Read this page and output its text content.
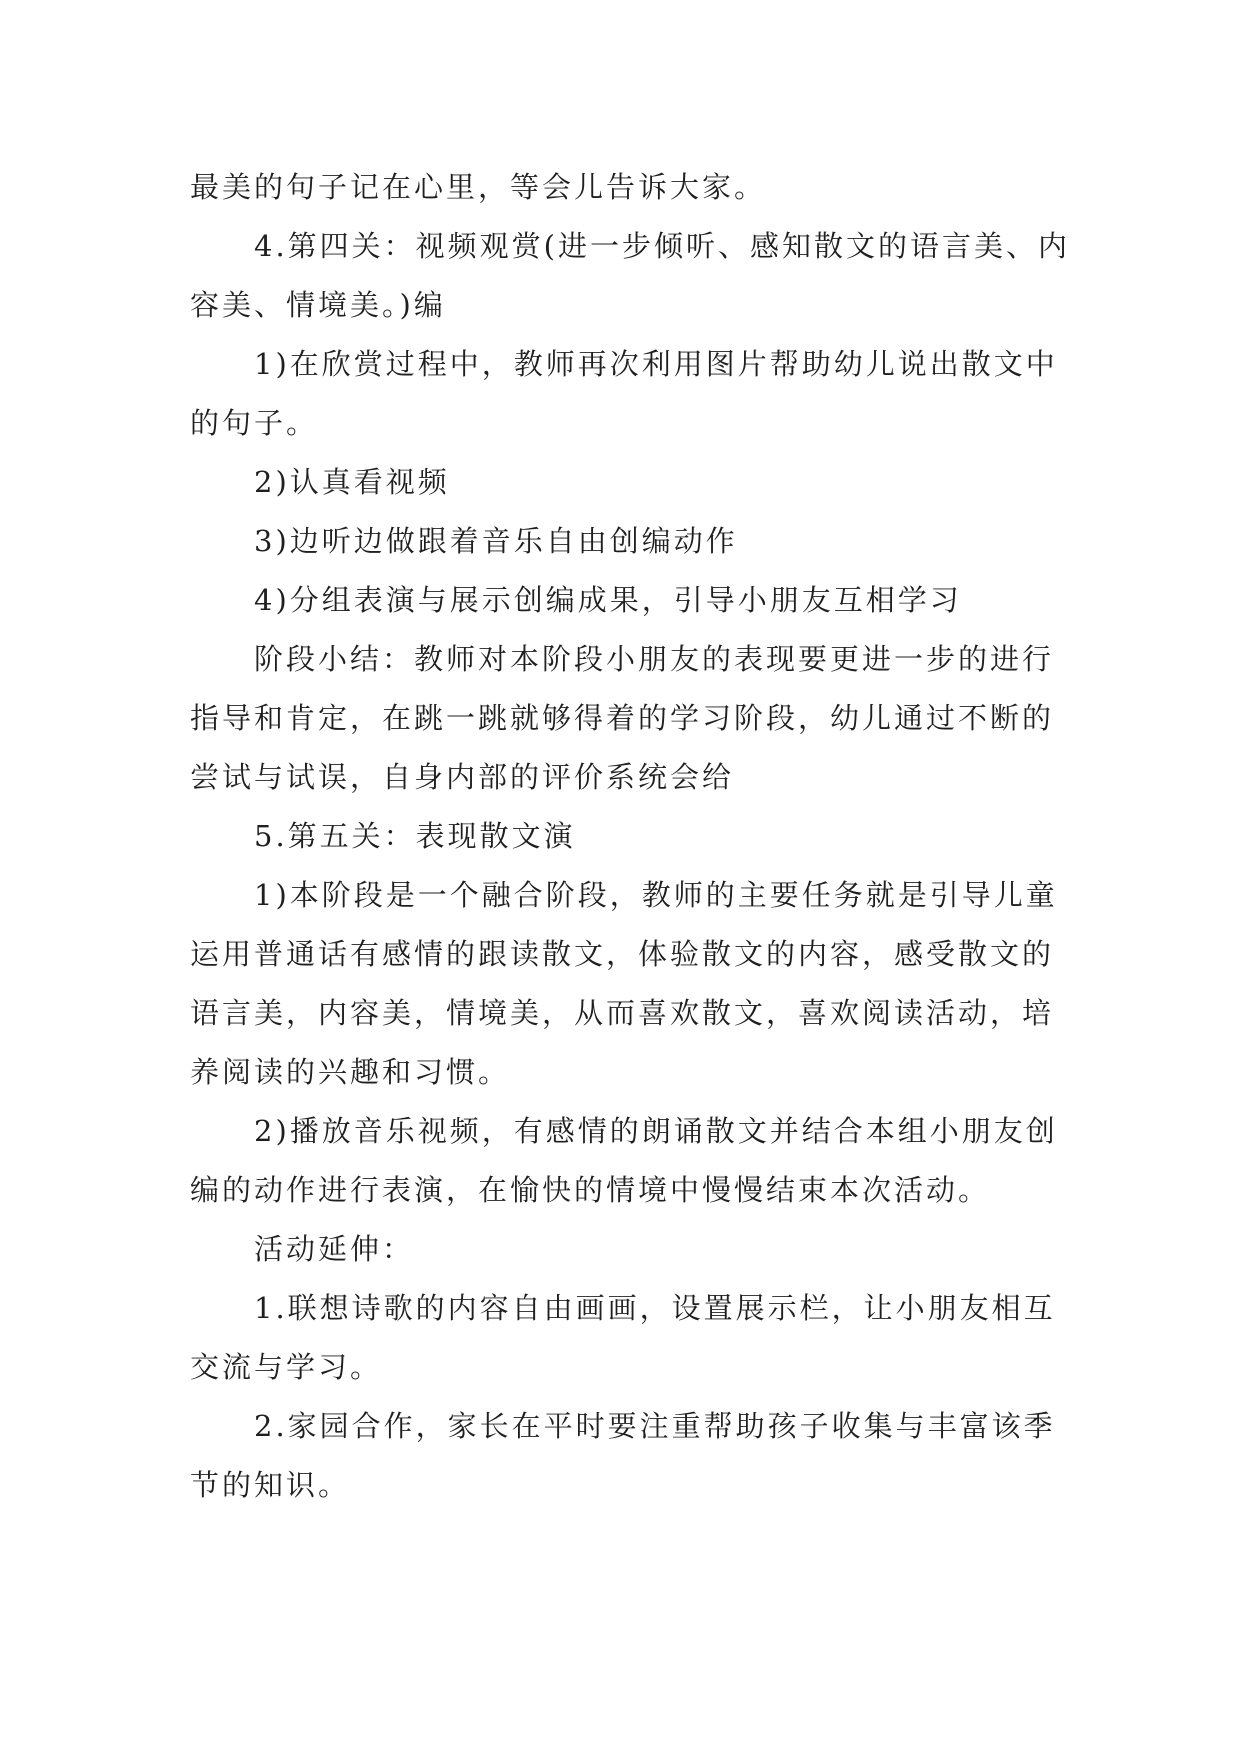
最美的句子记在心里，等会儿告诉大家。

4.第四关：视频观赏(进一步倾听、感知散文的语言美、内容美、情境美。)编

1)在欣赏过程中，教师再次利用图片帮助幼儿说出散文中的句子。

2)认真看视频

3)边听边做跟着音乐自由创编动作

4)分组表演与展示创编成果，引导小朋友互相学习

阶段小结：教师对本阶段小朋友的表现要更进一步的进行指导和肯定，在跳一跳就够得着的学习阶段，幼儿通过不断的尝试与试误，自身内部的评价系统会给

5.第五关：表现散文演

1)本阶段是一个融合阶段，教师的主要任务就是引导儿童运用普通话有感情的跟读散文，体验散文的内容，感受散文的语言美，内容美，情境美，从而喜欢散文，喜欢阅读活动，培养阅读的兴趣和习惯。

2)播放音乐视频，有感情的朗诵散文并结合本组小朋友创编的动作进行表演，在愉快的情境中慢慢结束本次活动。

活动延伸：

1.联想诗歌的内容自由画画，设置展示栏，让小朋友相互交流与学习。

2.家园合作，家长在平时要注重帮助孩子收集与丰富该季节的知识。
